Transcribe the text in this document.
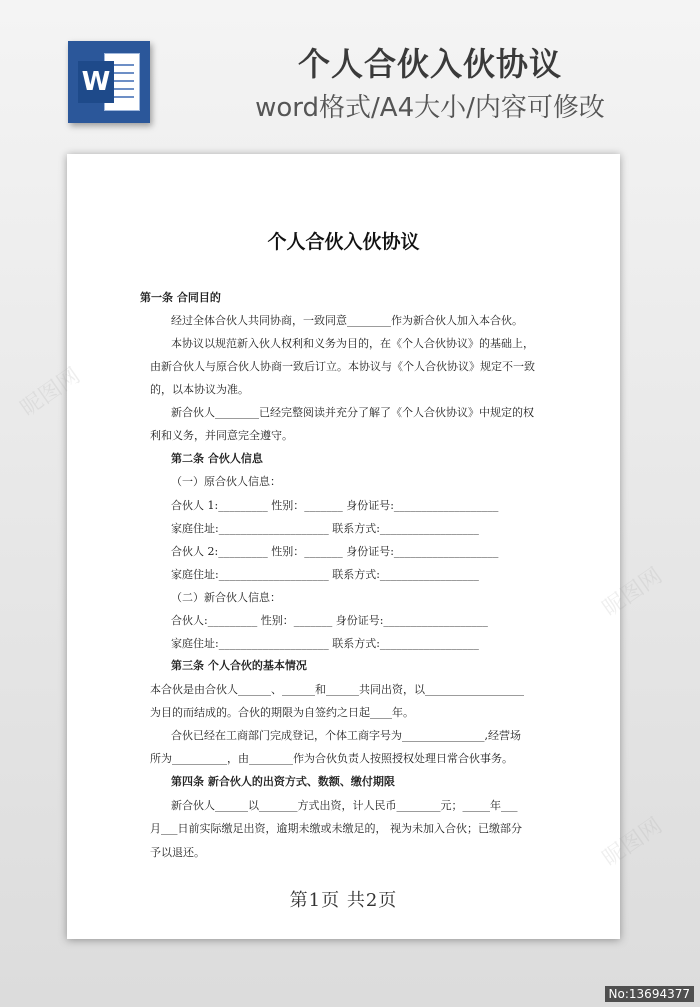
W	个人合伙入伙协议
word格式/A4大小/内容可修改
个人合伙入伙协议
第一条 合同目的
经过全体合伙人共同协商，一致同意________作为新合伙人加入本合伙。
本协议以规范新入伙人权利和义务为目的，在《个人合伙协议》的基础上，
由新合伙人与原合伙人协商一致后订立。本协议与《个人合伙协议》规定不一致
的，以本协议为准。
新合伙人________已经完整阅读并充分了解了《个人合伙协议》中规定的权
利和义务，并同意完全遵守。
第二条 合伙人信息
（一）原合伙人信息：
合伙人 1:_________ 性别：_______ 身份证号:___________________
家庭住址:____________________ 联系方式:__________________
合伙人 2:_________ 性别：_______ 身份证号:___________________
家庭住址:____________________ 联系方式:__________________
（二）新合伙人信息：
合伙人:_________ 性别：_______ 身份证号:___________________
家庭住址:____________________ 联系方式:__________________
第三条 个人合伙的基本情况
本合伙是由合伙人______、______和______共同出资，以__________________
为目的而结成的。合伙的期限为自签约之日起____年。
合伙已经在工商部门完成登记，个体工商字号为_______________,经营场
所为__________，由________作为合伙负责人按照授权处理日常合伙事务。
第四条 新合伙人的出资方式、数额、缴付期限
新合伙人______以_______方式出资，计人民币________元；_____年___
月___日前实际缴足出资，逾期未缴或未缴足的， 视为未加入合伙；已缴部分
予以退还。
第1页 共2页
昵图网
昵图网
昵图网
No:13694377
